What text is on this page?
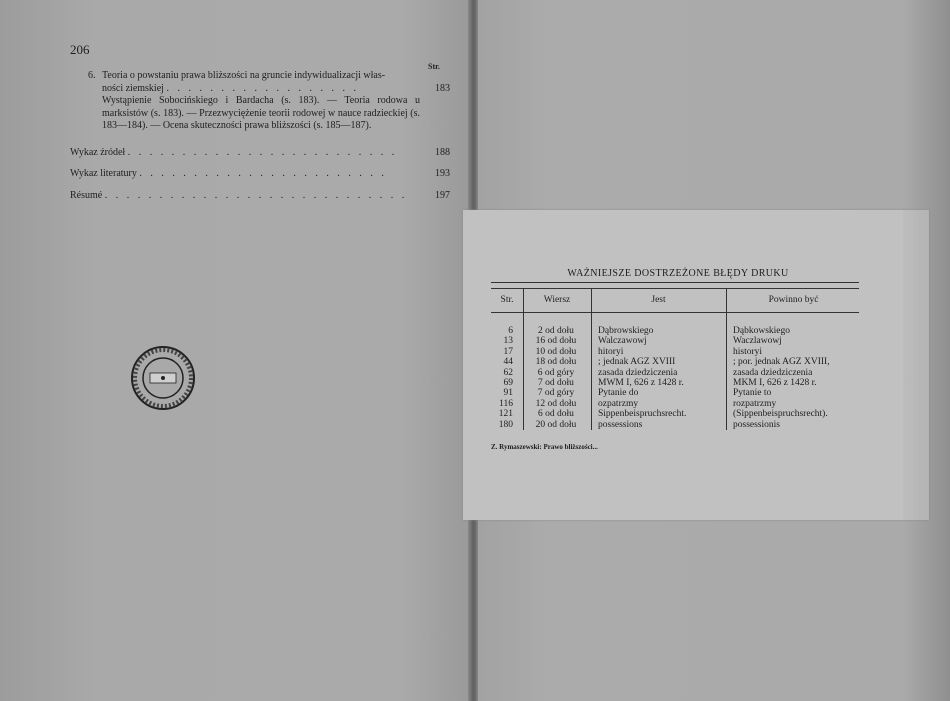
206
Str.
6. Teoria o powstaniu prawa bliższości na gruncie indywidualizacji włas-
ności ziemskiej . . . . . . . . . . . . . . . . . .	183
Wystąpienie Sobocińskiego i Bardacha (s. 183). — Teoria rodowa u marksistów (s. 183). — Przezwyciężenie teorii rodowej w nauce radzieckiej (s. 183—184). — Ocena skuteczności prawa bliższości (s. 185—187).
Wykaz źródeł . . . . . . . . . . . . . . . . . . . . . . . . .	188
Wykaz literatury . . . . . . . . . . . . . . . . . . . . . . .	193
Résumé . . . . . . . . . . . . . . . . . . . . . . . . . . . .	197
WAŻNIEJSZE DOSTRZEŻONE BŁĘDY DRUKU
Str.	Wiersz	Jest	Powinno być
6	2 od dołu	Dąbrowskiego	Dąbkowskiego
13	16 od dołu	Walczawowj	Waczlawowj
17	10 od dołu	hitoryi	historyi
44	18 od dołu	; jednak AGZ XVIII	; por. jednak AGZ XVIII,
62	6 od góry	zasada dziedziczenia	zasada dziedziczenia
69	7 od dołu	MWM I, 626 z 1428 r.	MKM I, 626 z 1428 r.
91	7 od góry	Pytanie do	Pytanie to
116	12 od dołu	ozpatrzmy	rozpatrzmy
121	6 od dołu	Sippenbeispruchsrecht.	(Sippenbeispruchsrecht).
180	20 od dołu	possessions	possessionis
Z. Rymaszewski: Prawo bliższości...
